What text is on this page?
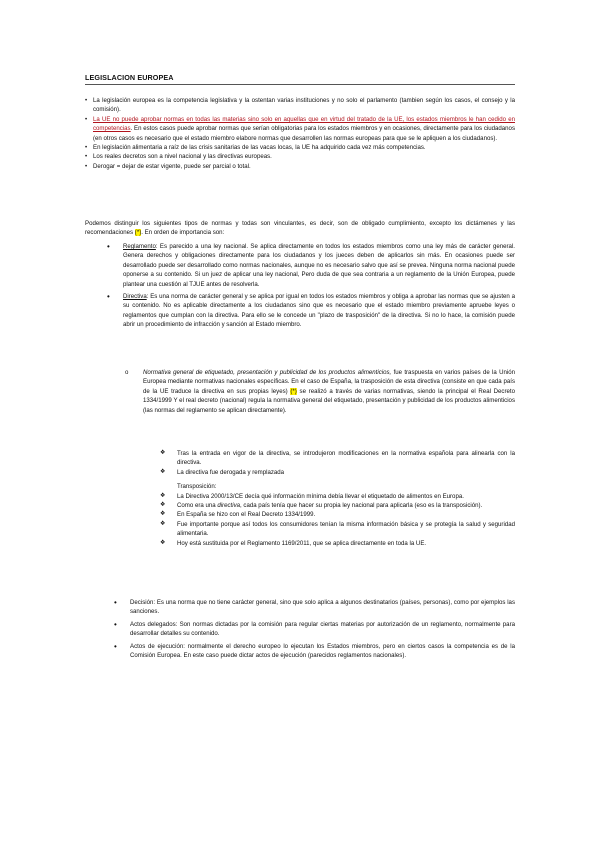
LEGISLACION EUROPEA
• La legislación europea es la competencia legislativa y la ostentan varias instituciones y no solo el parlamento (tambien según los casos, el consejo y la comisión).
• La UE no puede aprobar normas en todas las materias sino solo en aquellas que en virtud del tratado de la UE, los estados miembros le han cedido en competencias. En estos casos puede aprobar normas que serían obligatorias para los estados miembros y en ocasiones, directamente para los ciudadanos (en otros casos es necesario que el estado miembro elabore normas que desarrollen las normas europeas para que se le apliquen a los ciudadanos).
• En legislación alimentaria a raíz de las crisis sanitarias de las vacas locas, la UE ha adquirido cada vez más competencias.
• Los reales decretos son a nivel nacional y las directivas europeas.
• Derogar = dejar de estar vigente, puede ser parcial o total.
Podemos distinguir los siguientes tipos de normas y todas son vinculantes, es decir, son de obligado cumplimiento, excepto los dictámenes y las recomendaciones (*). En orden de importancia son:
• Reglamento: Es parecido a una ley nacional. Se aplica directamente en todos los estados miembros como una ley más de carácter general. Genera derechos y obligaciones directamente para los ciudadanos y los jueces deben de aplicarlos sin más. En ocasiones puede ser desarrollado puede ser desarrollado como normas nacionales, aunque no es necesario salvo que así se prevea. Ninguna norma nacional puede oponerse a su contenido. Si un juez de aplicar una ley nacional, Pero duda de que sea contraria a un reglamento de la Unión Europea, puede plantear una cuestión al TJUE antes de resolverla.
• Directiva: Es una norma de carácter general y se aplica por igual en todos los estados miembros y obliga a aprobar las normas que se ajusten a su contenido. No es aplicable directamente a los ciudadanos sino que es necesario que el estado miembro previamente apruebe leyes o reglamentos que cumplan con la directiva. Para ello se le concede un "plazo de trasposición" de la directiva. Si no lo hace, la comisión puede abrir un procedimiento de infracción y sanción al Estado miembro.
o Normativa general de etiquetado, presentación y publicidad de los productos alimenticios, fue traspuesta en varios países de la Unión Europea mediante normativas nacionales específicas. En el caso de España, la trasposición de esta directiva (consiste en que cada país de la UE traduce la directiva en sus propias leyes) (*) se realizó a través de varias normativas, siendo la principal el Real Decreto 1334/1999 Y el real decreto (nacional) regula la normativa general del etiquetado, presentación y publicidad de los productos alimenticios (las normas del reglamento se aplican directamente).
❖ Tras la entrada en vigor de la directiva, se introdujeron modificaciones en la normativa española para alinearla con la directiva.
❖ La directiva fue derogada y remplazada
Transposición:
❖ La Directiva 2000/13/CE decía qué información mínima debía llevar el etiquetado de alimentos en Europa.
❖ Como era una directiva, cada país tenía que hacer su propia ley nacional para aplicarla (eso es la transposición).
❖ En España se hizo con el Real Decreto 1334/1999.
❖ Fue importante porque así todos los consumidores tenían la misma información básica y se protegía la salud y seguridad alimentaria.
❖ Hoy está sustituida por el Reglamento 1169/2011, que se aplica directamente en toda la UE.
• Decisión: Es una norma que no tiene carácter general, sino que solo aplica a algunos destinatarios (países, personas), como por ejemplos las sanciones.
• Actos delegados: Son normas dictadas por la comisión para regular ciertas materias por autorización de un reglamento, normalmente para desarrollar detalles su contenido.
• Actos de ejecución: normalmente el derecho europeo lo ejecutan los Estados miembros, pero en ciertos casos la competencia es de la Comisión Europea. En este caso puede dictar actos de ejecución (parecidos reglamentos nacionales).
